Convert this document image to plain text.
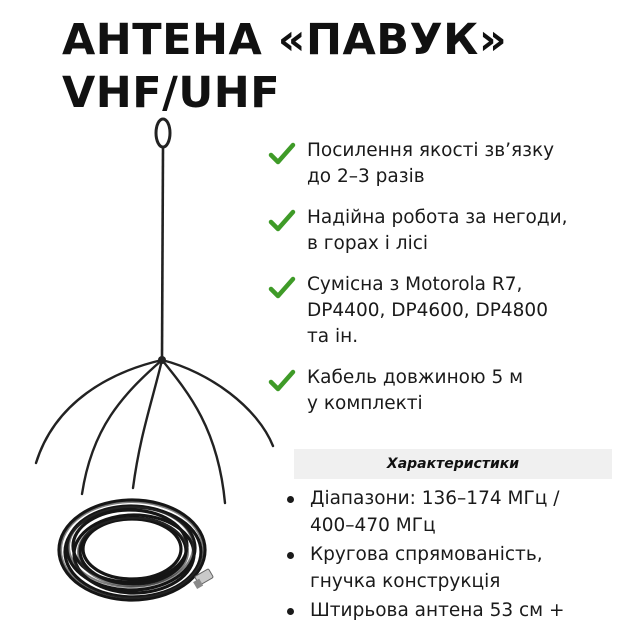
АНТЕНА «ПАВУК»
VHF/UHF
Посилення якості зв’язку
до 2–3 разів
Надійна робота за негоди,
в горах і лісі
Сумісна з Motorola R7,
DP4400, DP4600, DP4800
та ін.
Кабель довжиною 5 м
у комплекті
Характеристики
Діапазони: 136–174 МГц /
400–470 МГц
Кругова спрямованість,
гнучка конструкція
Штирьова антена 53 см +
